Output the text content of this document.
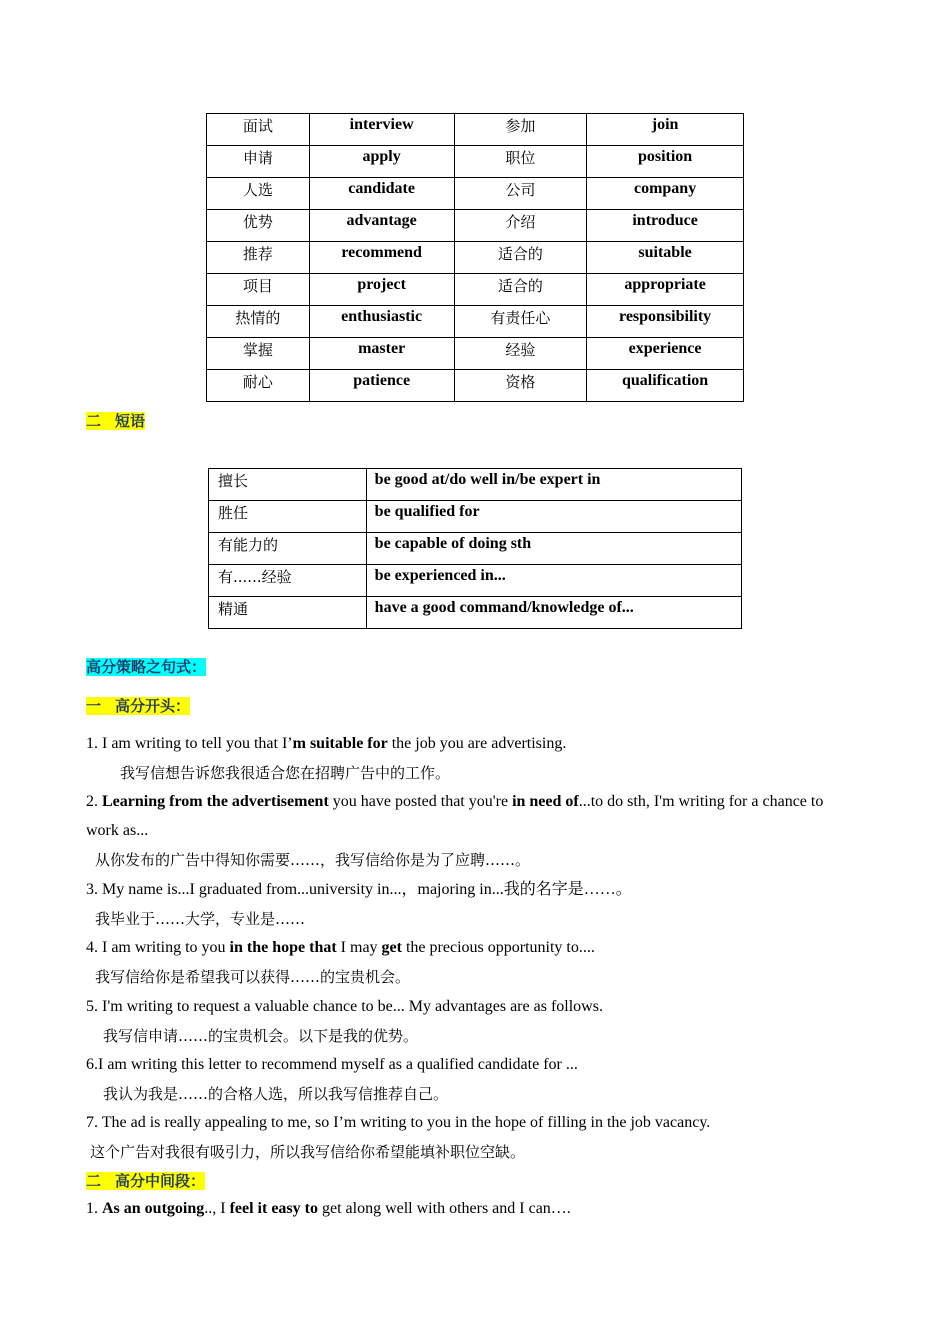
面试	interview	参加	join
申请	apply	职位	position
人选	candidate	公司	company
优势	advantage	介绍	introduce
推荐	recommend	适合的	suitable
项目	project	适合的	appropriate
热情的	enthusiastic	有责任心	responsibility
掌握	master	经验	experience
耐心	patience	资格	qualification
二 短语
擅长	be good at/do well in/be expert in
胜任	be qualified for
有能力的	be capable of doing sth
有......经验	be experienced in...
精通	have a good command/knowledge of...
高分策略之句式：
一 高分开头：
1. I am writing to tell you that I’m suitable for the job you are advertising.
我写信想告诉您我很适合您在招聘广告中的工作。
2. Learning from the advertisement you have posted that you're in need of...to do sth, I'm writing for a chance to
work as...
从你发布的广告中得知你需要……，我写信给你是为了应聘……。
3. My name is...I graduated from...university in...，majoring in...我的名字是……。
我毕业于……大学，专业是……
4. I am writing to you in the hope that I may get the precious opportunity to....
我写信给你是希望我可以获得……的宝贵机会。
5. I'm writing to request a valuable chance to be... My advantages are as follows.
我写信申请……的宝贵机会。以下是我的优势。
6.I am writing this letter to recommend myself as a qualified candidate for ...
我认为我是……的合格人选，所以我写信推荐自己。
7. The ad is really appealing to me, so I’m writing to you in the hope of filling in the job vacancy.
这个广告对我很有吸引力，所以我写信给你希望能填补职位空缺。
二 高分中间段：
1. As an outgoing.., I feel it easy to get along well with others and I can….
